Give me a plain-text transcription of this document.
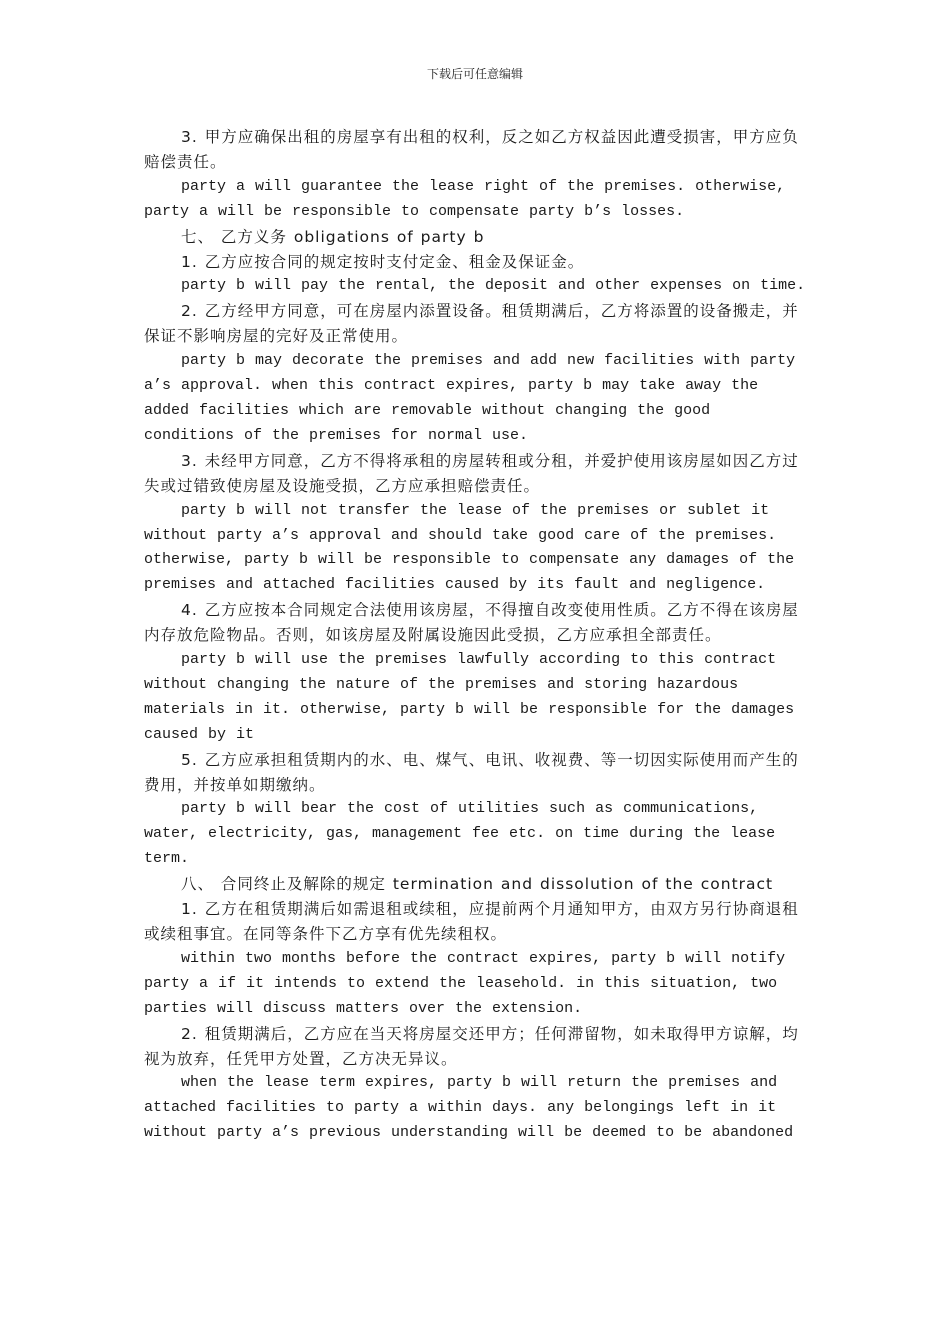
下载后可任意编辑

3. 甲方应确保出租的房屋享有出租的权利，反之如乙方权益因此遭受损害，甲方应负赔偿责任。

party a will guarantee the lease right of the premises. otherwise, party a will be responsible to compensate party b’s losses.

七、 乙方义务 obligations of party b

1. 乙方应按合同的规定按时支付定金、租金及保证金。

party b will pay the rental, the deposit and other expenses on time.

2. 乙方经甲方同意，可在房屋内添置设备。租赁期满后，乙方将添置的设备搬走，并保证不影响房屋的完好及正常使用。

party b may decorate the premises and add new facilities with party a’s approval. when this contract expires, party b may take away the added facilities which are removable without changing the good conditions of the premises for normal use.

3. 未经甲方同意，乙方不得将承租的房屋转租或分租，并爱护使用该房屋如因乙方过失或过错致使房屋及设施受损，乙方应承担赔偿责任。

party b will not transfer the lease of the premises or sublet it without party a’s approval and should take good care of the premises. otherwise, party b will be responsible to compensate any damages of the premises and attached facilities caused by its fault and negligence.

4. 乙方应按本合同规定合法使用该房屋，不得擅自改变使用性质。乙方不得在该房屋内存放危险物品。否则，如该房屋及附属设施因此受损，乙方应承担全部责任。

party b will use the premises lawfully according to this contract without changing the nature of the premises and storing hazardous materials in it. otherwise, party b will be responsible for the damages caused by it

5. 乙方应承担租赁期内的水、电、煤气、电讯、收视费、等一切因实际使用而产生的费用，并按单如期缴纳。

party b will bear the cost of utilities such as communications, water, electricity, gas, management fee etc. on time during the lease term.

八、 合同终止及解除的规定 termination and dissolution of the contract

1. 乙方在租赁期满后如需退租或续租，应提前两个月通知甲方，由双方另行协商退租或续租事宜。在同等条件下乙方享有优先续租权。

within two months before the contract expires, party b will notify party a if it intends to extend the leasehold. in this situation, two parties will discuss matters over the extension.

2. 租赁期满后，乙方应在当天将房屋交还甲方；任何滞留物，如未取得甲方谅解，均视为放弃，任凭甲方处置，乙方决无异议。

when the lease term expires, party b will return the premises and attached facilities to party a within days. any belongings left in it without party a’s previous understanding will be deemed to be abandoned
